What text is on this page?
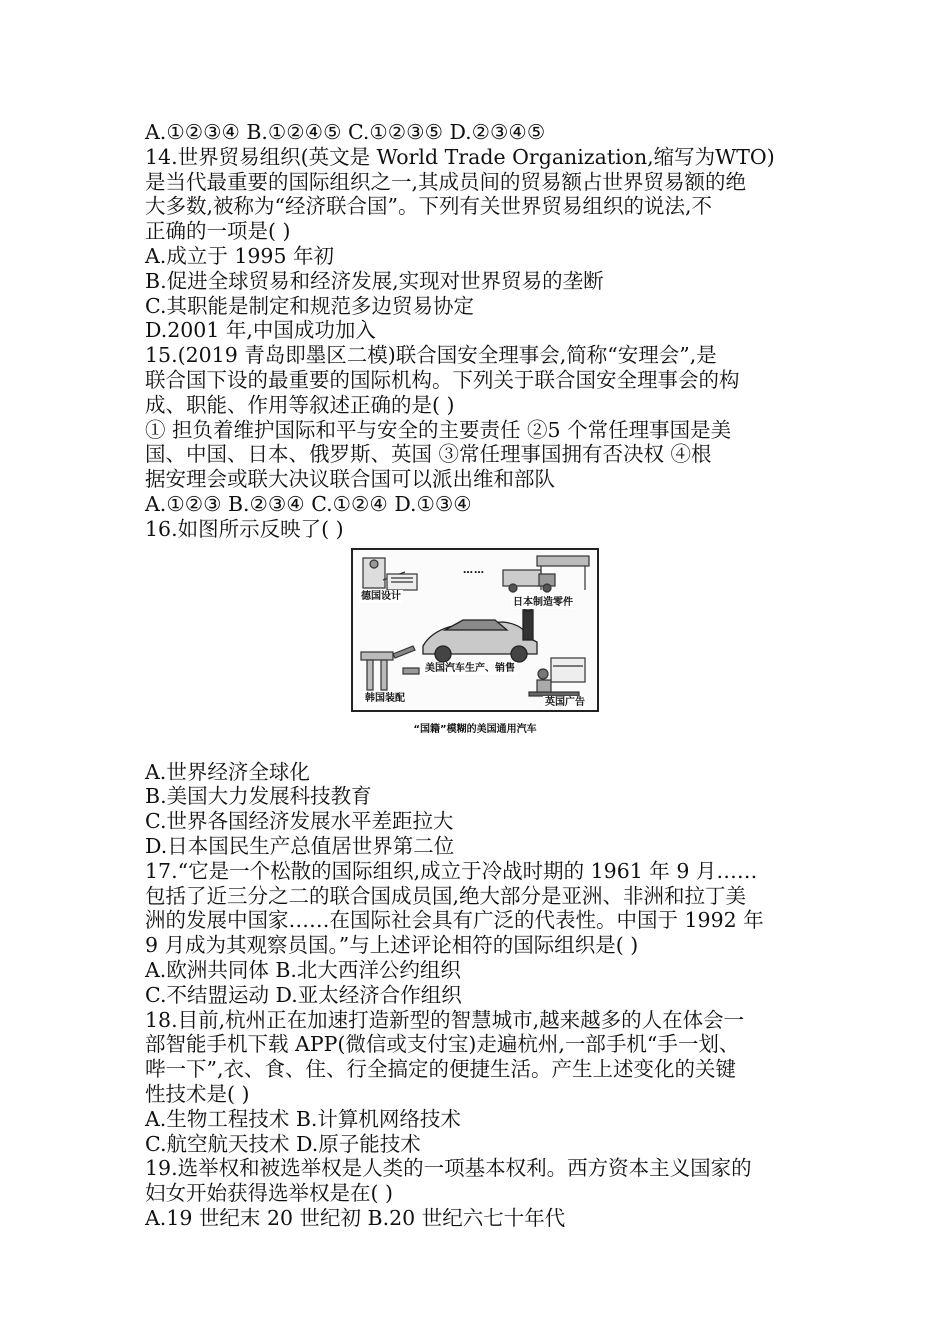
A.①②③④ B.①②④⑤ C.①②③⑤ D.②③④⑤
14.世界贸易组织(英文是 World Trade Organization,缩写为WTO)
是当代最重要的国际组织之一,其成员间的贸易额占世界贸易额的绝
大多数,被称为“经济联合国”。下列有关世界贸易组织的说法,不
正确的一项是( )
A.成立于 1995 年初
B.促进全球贸易和经济发展,实现对世界贸易的垄断
C.其职能是制定和规范多边贸易协定
D.2001 年,中国成功加入
15.(2019 青岛即墨区二模)联合国安全理事会,简称“安理会”,是
联合国下设的最重要的国际机构。下列关于联合国安全理事会的构
成、职能、作用等叙述正确的是( )
① 担负着维护国际和平与安全的主要责任 ②5 个常任理事国是美
国、中国、日本、俄罗斯、英国 ③常任理事国拥有否决权 ④根
据安理会或联大决议联合国可以派出维和部队
A.①②③ B.②③④ C.①②④ D.①③④
16.如图所示反映了( )
德国设计
……
日本制造零件
美国汽车生产、销售
韩国装配	英国广告
“国籍”模糊的美国通用汽车
A.世界经济全球化
B.美国大力发展科技教育
C.世界各国经济发展水平差距拉大
D.日本国民生产总值居世界第二位
17.“它是一个松散的国际组织,成立于冷战时期的 1961 年 9 月……
包括了近三分之二的联合国成员国,绝大部分是亚洲、非洲和拉丁美
洲的发展中国家……在国际社会具有广泛的代表性。中国于 1992 年
9 月成为其观察员国。”与上述评论相符的国际组织是( )
A.欧洲共同体 B.北大西洋公约组织
C.不结盟运动 D.亚太经济合作组织
18.目前,杭州正在加速打造新型的智慧城市,越来越多的人在体会一
部智能手机下载 APP(微信或支付宝)走遍杭州,一部手机“手一划、
哔一下”,衣、食、住、行全搞定的便捷生活。产生上述变化的关键
性技术是( )
A.生物工程技术 B.计算机网络技术
C.航空航天技术 D.原子能技术
19.选举权和被选举权是人类的一项基本权利。西方资本主义国家的
妇女开始获得选举权是在( )
A.19 世纪末 20 世纪初 B.20 世纪六七十年代
